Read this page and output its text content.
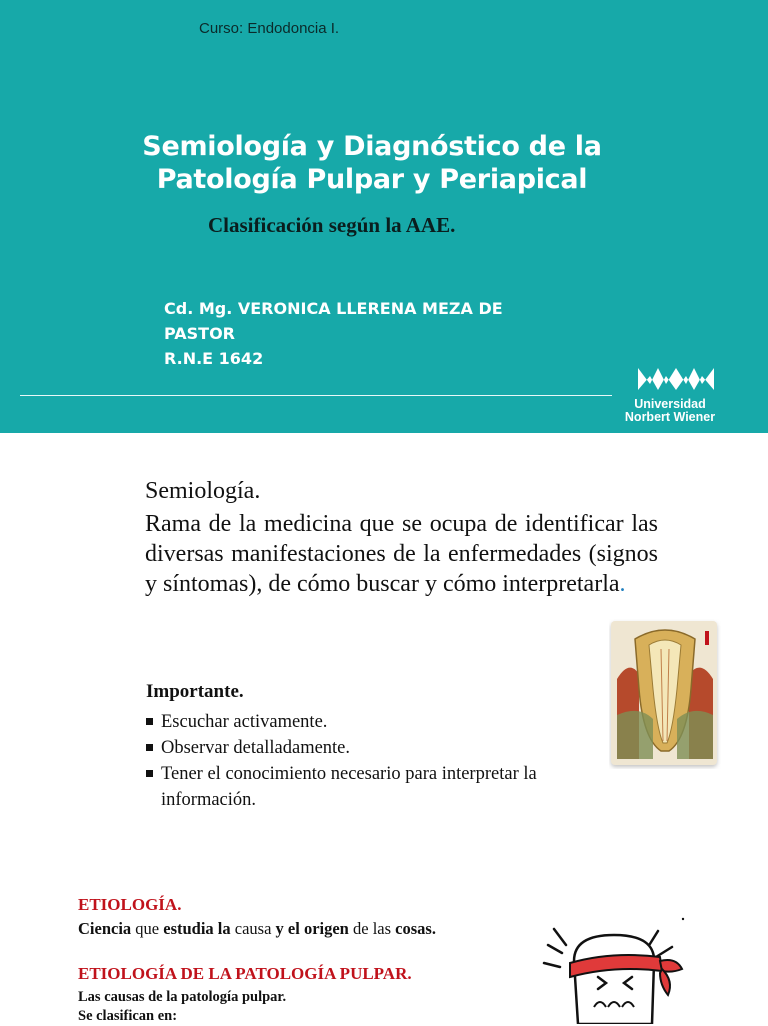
Curso: Endodoncia I.
Semiología y Diagnóstico de la
Patología Pulpar y Periapical
Clasificación según la AAE.
Cd. Mg. VERONICA LLERENA MEZA DE
PASTOR
R.N.E 1642
Universidad
Norbert Wiener
Semiología.
Rama de la medicina que se ocupa de identificar las diversas manifestaciones de la enfermedades (signos y síntomas), de cómo buscar y cómo interpretarla.
Importante.
Escuchar activamente.
Observar detalladamente.
Tener el conocimiento necesario para interpretar la información.
ETIOLOGÍA.
Ciencia que estudia la causa y el origen de las cosas.
ETIOLOGÍA DE LA PATOLOGÍA PULPAR.
Las causas de la patología pulpar.
Se clasifican en:
